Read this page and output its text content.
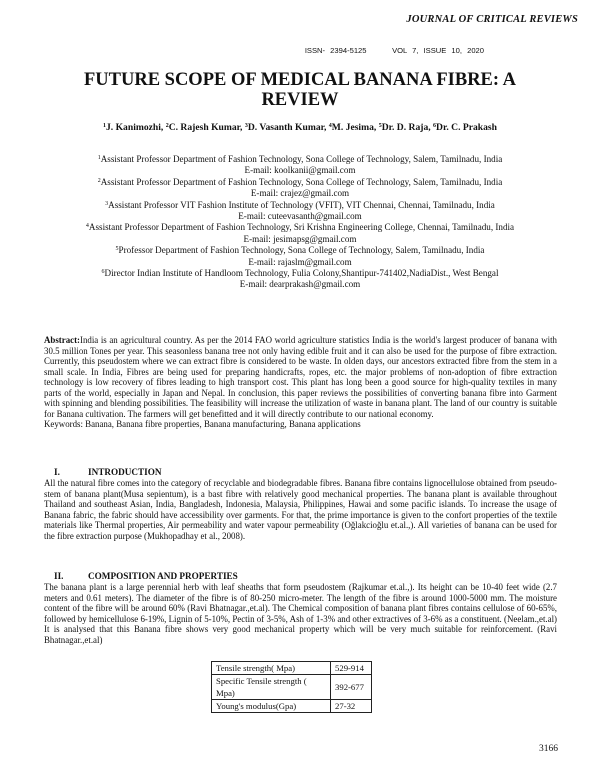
JOURNAL OF CRITICAL REVIEWS
ISSN- 2394-5125	VOL 7, ISSUE 10, 2020
FUTURE SCOPE OF MEDICAL BANANA FIBRE: A REVIEW
$^1$J. Kanimozhi, $^2$C. Rajesh Kumar, $^3$D. Vasanth Kumar, $^4$M. Jesima, $^5$Dr. D. Raja, $^6$Dr. C. Prakash
$^1$Assistant Professor Department of Fashion Technology, Sona College of Technology, Salem, Tamilnadu, India
E-mail: koolkanii@gmail.com
$^2$Assistant Professor Department of Fashion Technology, Sona College of Technology, Salem, Tamilnadu, India
E-mail: crajez@gmail.com
$^3$Assistant Professor VIT Fashion Institute of Technology (VFIT), VIT Chennai, Chennai, Tamilnadu, India
E-mail: cuteevasanth@gmail.com
$^4$Assistant Professor Department of Fashion Technology, Sri Krishna Engineering College, Chennai, Tamilnadu, India
E-mail: jesimapsg@gmail.com
$^5$Professor Department of Fashion Technology, Sona College of Technology, Salem, Tamilnadu, India
E-mail: rajaslm@gmail.com
$^6$Director Indian Institute of Handloom Technology, Fulia Colony,Shantipur-741402,NadiaDist., West Bengal
E-mail: dearprakash@gmail.com
Abstract:India is an agricultural country. As per the 2014 FAO world agriculture statistics India is the world's largest producer of banana with 30.5 million Tones per year. This seasonless banana tree not only having edible fruit and it can also be used for the purpose of fibre extraction. Currently, this pseudostem where we can extract fibre is considered to be waste. In olden days, our ancestors extracted fibre from the stem in a small scale. In India, Fibres are being used for preparing handicrafts, ropes, etc. the major problems of non-adoption of fibre extraction technology is low recovery of fibres leading to high transport cost. This plant has long been a good source for high-quality textiles in many parts of the world, especially in Japan and Nepal. In conclusion, this paper reviews the possibilities of converting banana fibre into Garment with spinning and blending possibilities. The feasibility will increase the utilization of waste in banana plant. The land of our country is suitable for Banana cultivation. The farmers will get benefitted and it will directly contribute to our national economy.
Keywords: Banana, Banana fibre properties, Banana manufacturing, Banana applications
I.	INTRODUCTION
All the natural fibre comes into the category of recyclable and biodegradable fibres. Banana fibre contains lignocellulose obtained from pseudo-stem of banana plant(Musa sepientum), is a bast fibre with relatively good mechanical properties. The banana plant is available throughout Thailand and southeast Asian, India, Bangladesh, Indonesia, Malaysia, Philippines, Hawai and some pacific islands. To increase the usage of Banana fabric, the fabric should have accessibility over garments. For that, the prime importance is given to the confort properties of the textile materials like Thermal properties, Air permeability and water vapour permeability (Oğlakcioğlu et.al.,). All varieties of banana can be used for the fibre extraction purpose (Mukhopadhay et al., 2008).
II.	COMPOSITION AND PROPERTIES
The banana plant is a large perennial herb with leaf sheaths that form pseudostem (Rajkumar et.al.,). Its height can be 10-40 feet wide (2.7 meters and 0.61 meters). The diameter of the fibre is of 80-250 micro-meter. The length of the fibre is around 1000-5000 mm. The moisture content of the fibre will be around 60% (Ravi Bhatnagar.,et.al). The Chemical composition of banana plant fibres contains cellulose of 60-65%, followed by hemicellulose 6-19%, Lignin of 5-10%, Pectin of 3-5%, Ash of 1-3% and other extractives of 3-6% as a constituent. (Neelam.,et.al) It is analysed that this Banana fibre shows very good mechanical property which will be very much suitable for reinforcement. (Ravi Bhatnagar.,et.al)
Tensile strength( Mpa)	529-914
Specific Tensile strength ( Mpa)	392-677
Young's modulus(Gpa)	27-32
3166
